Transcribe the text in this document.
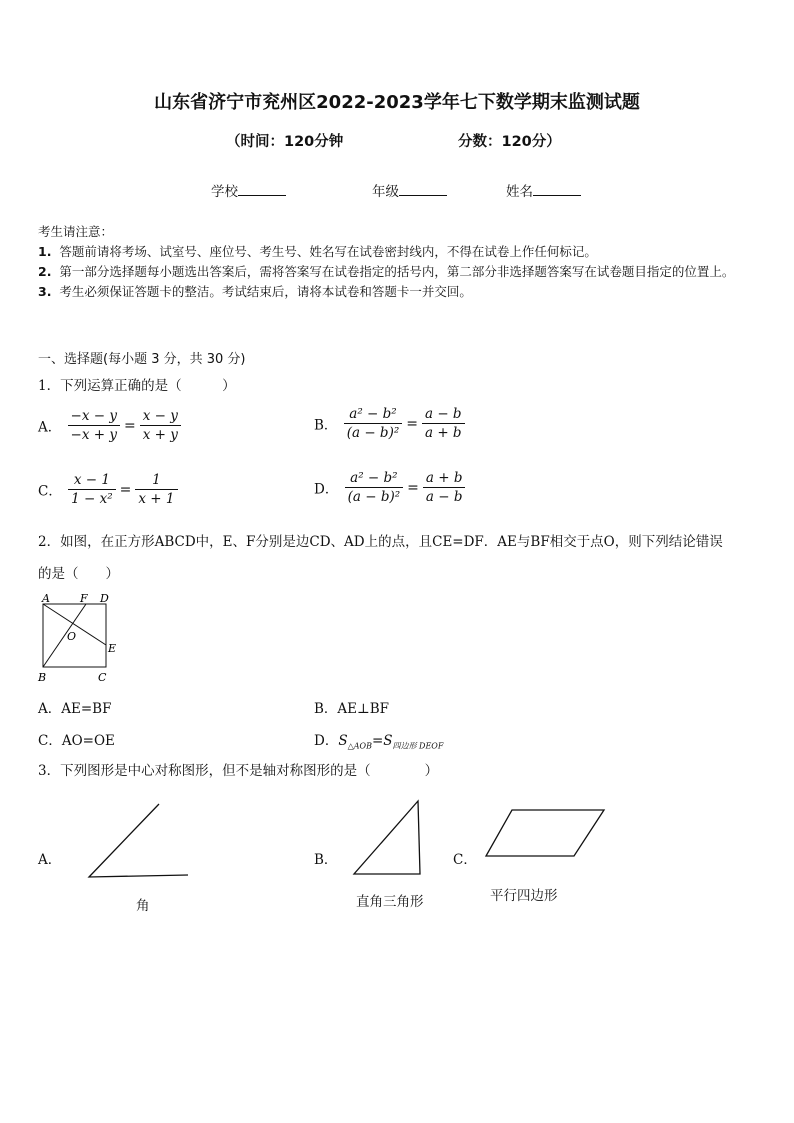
山东省济宁市兖州区2022-2023学年七下数学期末监测试题
（时间：120分钟	分数：120分）
学校	年级	姓名
考生请注意：
1. 答题前请将考场、试室号、座位号、考生号、姓名写在试卷密封线内，不得在试卷上作任何标记。
2. 第一部分选择题每小题选出答案后，需将答案写在试卷指定的括号内，第二部分非选择题答案写在试卷题目指定的位置上。
3. 考生必须保证答题卡的整洁。考试结束后，请将本试卷和答题卡一并交回。
一、选择题(每小题 3 分，共 30 分)
1．下列运算正确的是（　　　）
A． $\frac{-x - y}{-x + y} = \frac{x - y}{x + y}$	B． $\frac{\text{a² − b²}}{\text{(a − b)²}} = \frac{a - b}{a + b}$
C． $\frac{x - 1}{\text{1 − x²}} = \frac{1}{x + 1}$	D． $\frac{\text{a² − b²}}{\text{(a − b)²}} = \frac{a + b}{a - b}$
2．如图，在正方形ABCD中，E、F分别是边CD、AD上的点，且CE=DF．AE与BF相交于点O，则下列结论错误
的是（　　）
A	F D
O
E
B	C
A．AE=BF	B．AE⊥BF
C．AO=OE	D．$S_{\triangle AOB}=S_{四边形 DEOF}$
3．下列图形是中心对称图形，但不是轴对称图形的是（　　　　）
A．
角
B．
直角三角形
C．
平行四边形
